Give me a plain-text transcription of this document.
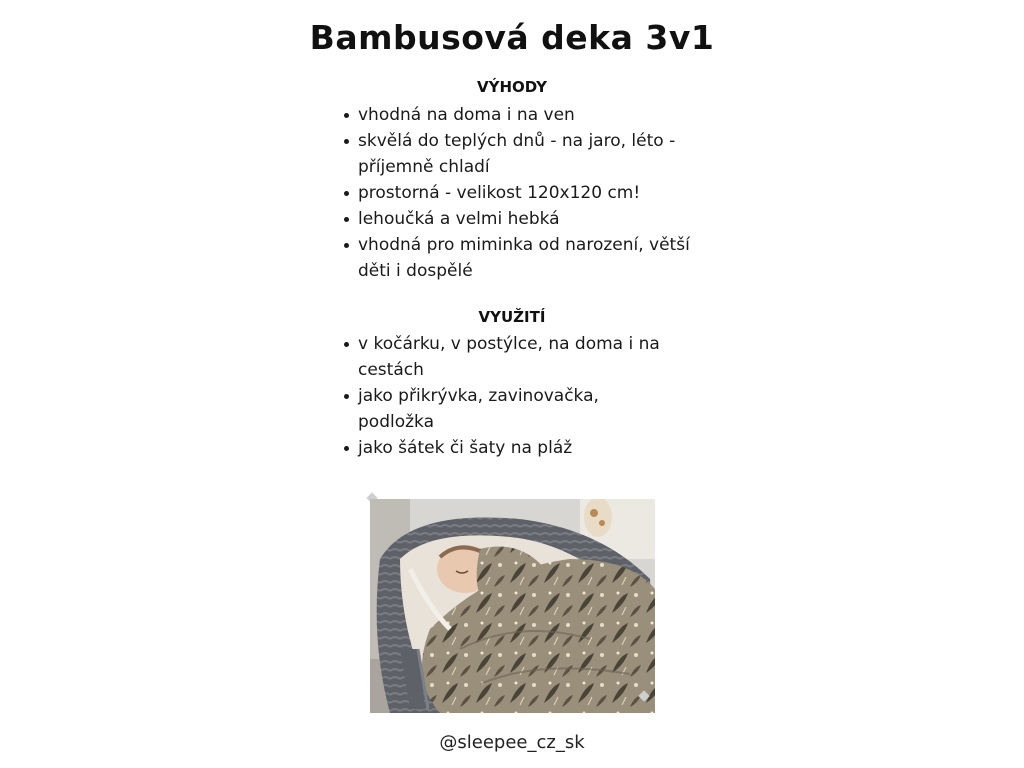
Bambusová deka 3v1
VÝHODY
vhodná na doma i na ven
skvělá do teplých dnů - na jaro, léto - příjemně chladí
prostorná - velikost 120x120 cm!
lehoučká a velmi hebká
vhodná pro miminka od narození, větší děti i dospělé
VYUŽITÍ
v kočárku, v postýlce, na doma i na cestách
jako přikrývka, zavinovačka, podložka
jako šátek či šaty na pláž
@sleepee_cz_sk
